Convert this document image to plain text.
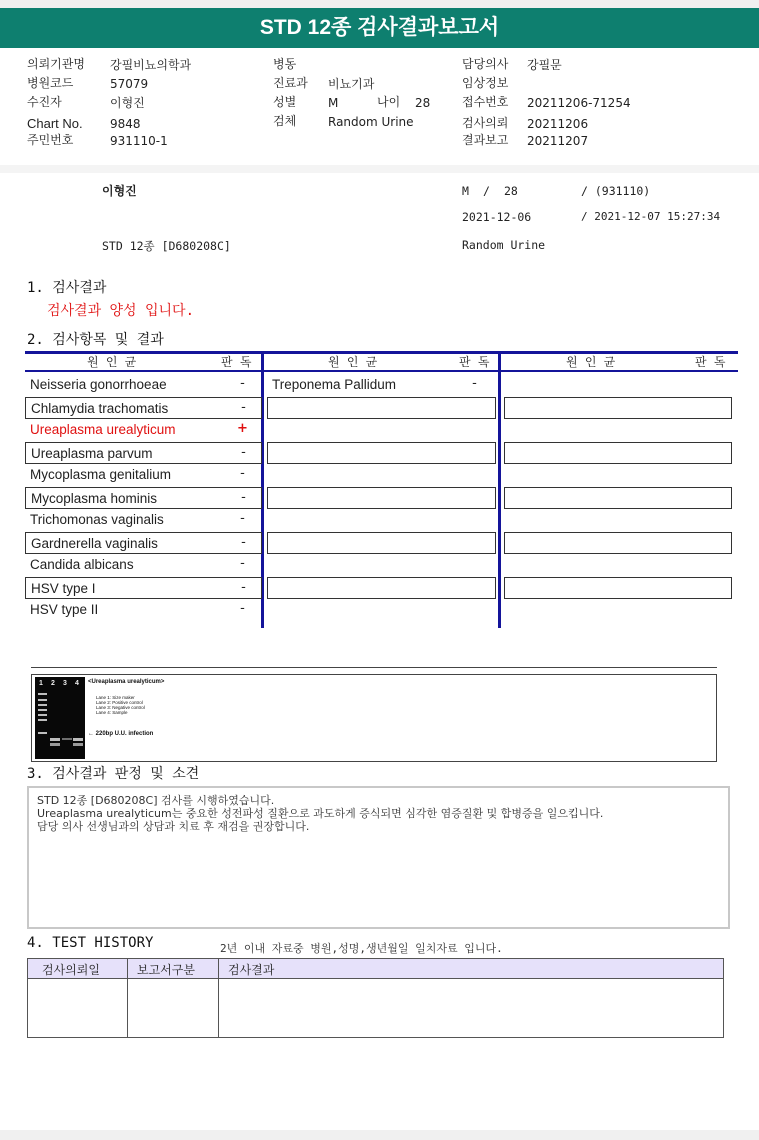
STD 12종 검사결과보고서
의뢰기관명 강필비뇨의학과
병원코드	57079
수진자	이형진
Chart No. 9848
주민번호	931110-1
병동
진료과 비뇨기과
성별	M	나이 28
검체	Random Urine
담당의사 강필문
임상정보
접수번호 20211206-71254
검사의뢰 20211206
결과보고 20211207
이형진	M / 28	/ (931110)
2021-12-06	/ 2021-12-07 15:27:34
STD 12종 [D680208C]	Random Urine
1. 검사결과
검사결과 양성 입니다.
2. 검사항목 및 결과
원 인 균	판 독	원 인 균	판 독	원 인 균	판 독
Neisseria gonorrhoeae	-
Chlamydia trachomatis	-
Ureaplasma urealyticum	+
Ureaplasma parvum	-
Mycoplasma genitalium	-
Mycoplasma hominis	-
Trichomonas vaginalis	-
Gardnerella vaginalis	-
Candida albicans	-
HSV type I	-
HSV type II	-
Treponema Pallidum	-
1 2 3 4 <Ureaplasma urealyticum>
Lane 1: Size maker
Lane 2: Positive control
Lane 3: Negative control
Lane 4: Sample
← 220bp U.U. infection
3. 검사결과 판정 및 소견
STD 12종 [D680208C] 검사를 시행하였습니다.
Ureaplasma urealyticum는 중요한 성전파성 질환으로 과도하게 증식되면 심각한 염증질환 및 합병증을 일으킵니다.
담당 의사 선생님과의 상담과 치료 후 재검을 권장합니다.
4. TEST HISTORY	2년 이내 자료중 병원,성명,생년월일 일치자료 입니다.
검사의뢰일	보고서구분	검사결과
